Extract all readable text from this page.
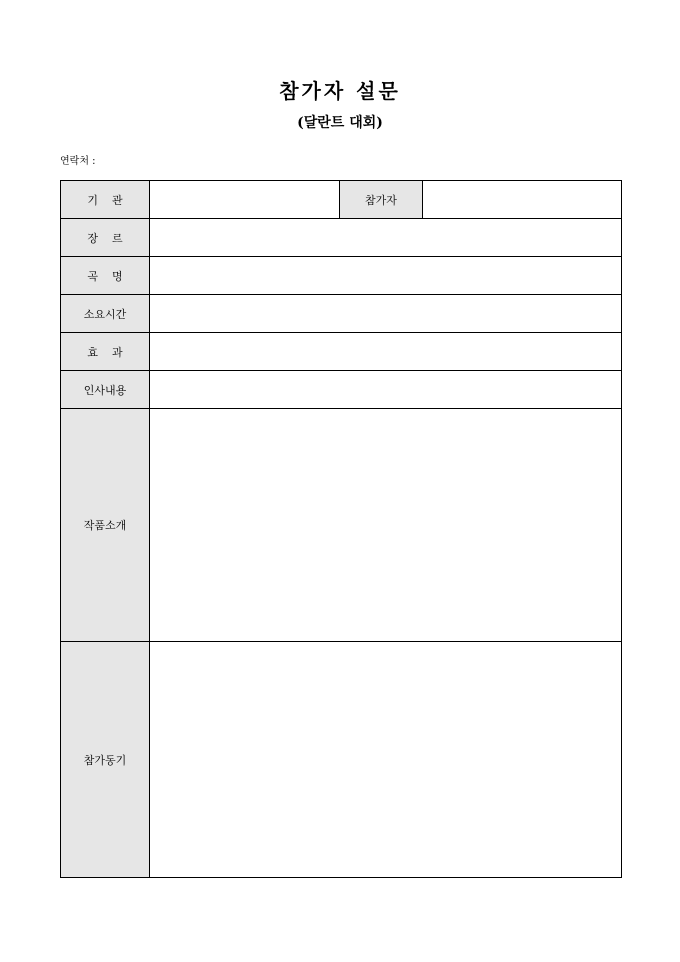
참가자 설문
(달란트 대회)
연락처 :
기    관		참가자	
장    르			
곡    명			
소요시간			
효    과			
인사내용			
작품소개			
참가동기			
